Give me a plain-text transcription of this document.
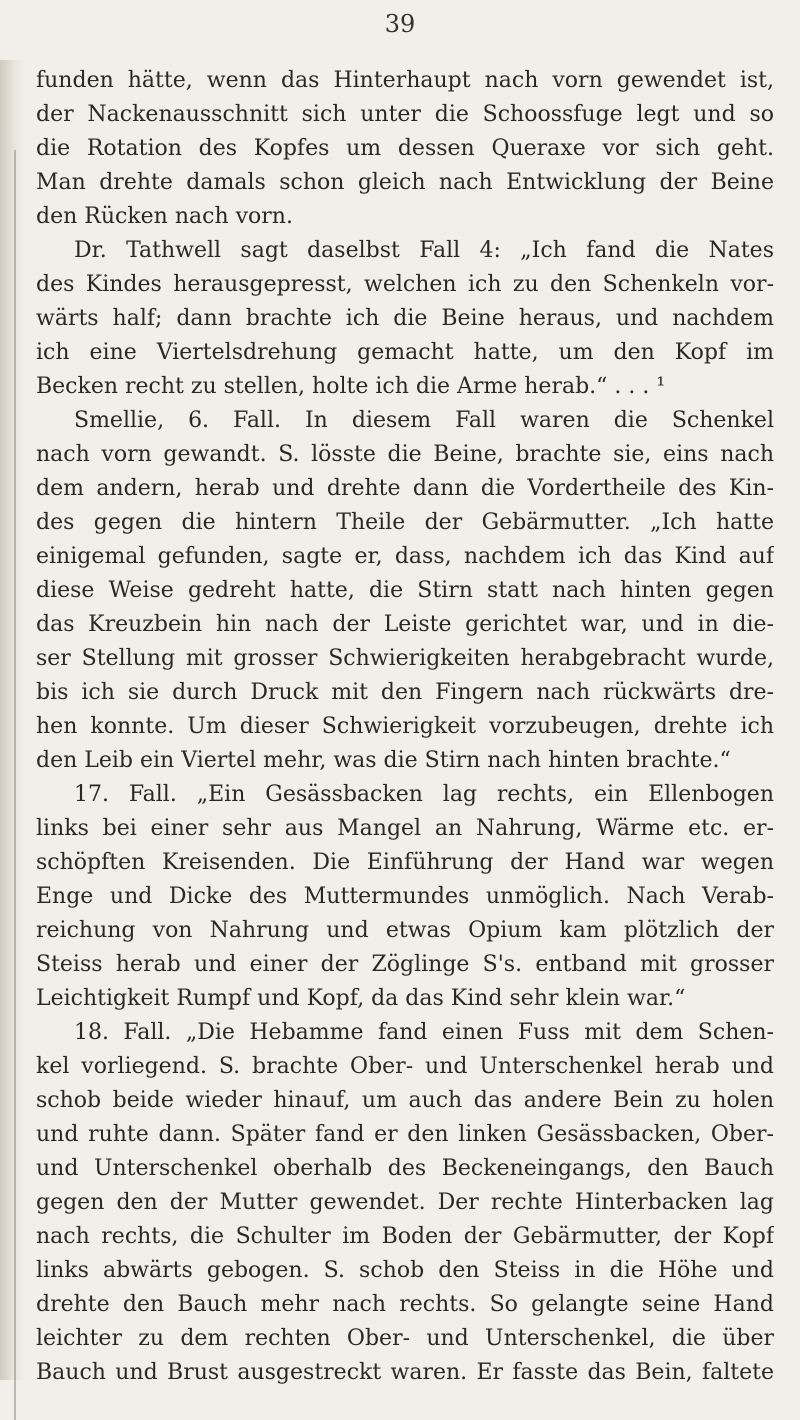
39
funden hätte, wenn das Hinterhaupt nach vorn gewendet ist,
der Nackenausschnitt sich unter die Schoossfuge legt und so
die Rotation des Kopfes um dessen Queraxe vor sich geht.
Man drehte damals schon gleich nach Entwicklung der Beine
den Rücken nach vorn.
Dr. Tathwell sagt daselbst Fall 4: „Ich fand die Nates
des Kindes herausgepresst, welchen ich zu den Schenkeln vor-
wärts half; dann brachte ich die Beine heraus, und nachdem
ich eine Viertelsdrehung gemacht hatte, um den Kopf im
Becken recht zu stellen, holte ich die Arme herab.“ . . . ¹
Smellie, 6. Fall. In diesem Fall waren die Schenkel
nach vorn gewandt. S. lösste die Beine, brachte sie, eins nach
dem andern, herab und drehte dann die Vordertheile des Kin-
des gegen die hintern Theile der Gebärmutter. „Ich hatte
einigemal gefunden, sagte er, dass, nachdem ich das Kind auf
diese Weise gedreht hatte, die Stirn statt nach hinten gegen
das Kreuzbein hin nach der Leiste gerichtet war, und in die-
ser Stellung mit grosser Schwierigkeiten herabgebracht wurde,
bis ich sie durch Druck mit den Fingern nach rückwärts dre-
hen konnte. Um dieser Schwierigkeit vorzubeugen, drehte ich
den Leib ein Viertel mehr, was die Stirn nach hinten brachte.“
17. Fall. „Ein Gesässbacken lag rechts, ein Ellenbogen
links bei einer sehr aus Mangel an Nahrung, Wärme etc. er-
schöpften Kreisenden. Die Einführung der Hand war wegen
Enge und Dicke des Muttermundes unmöglich. Nach Verab-
reichung von Nahrung und etwas Opium kam plötzlich der
Steiss herab und einer der Zöglinge S's. entband mit grosser
Leichtigkeit Rumpf und Kopf, da das Kind sehr klein war.“
18. Fall. „Die Hebamme fand einen Fuss mit dem Schen-
kel vorliegend. S. brachte Ober- und Unterschenkel herab und
schob beide wieder hinauf, um auch das andere Bein zu holen
und ruhte dann. Später fand er den linken Gesässbacken, Ober-
und Unterschenkel oberhalb des Beckeneingangs, den Bauch
gegen den der Mutter gewendet. Der rechte Hinterbacken lag
nach rechts, die Schulter im Boden der Gebärmutter, der Kopf
links abwärts gebogen. S. schob den Steiss in die Höhe und
drehte den Bauch mehr nach rechts. So gelangte seine Hand
leichter zu dem rechten Ober- und Unterschenkel, die über
Bauch und Brust ausgestreckt waren. Er fasste das Bein, faltete
